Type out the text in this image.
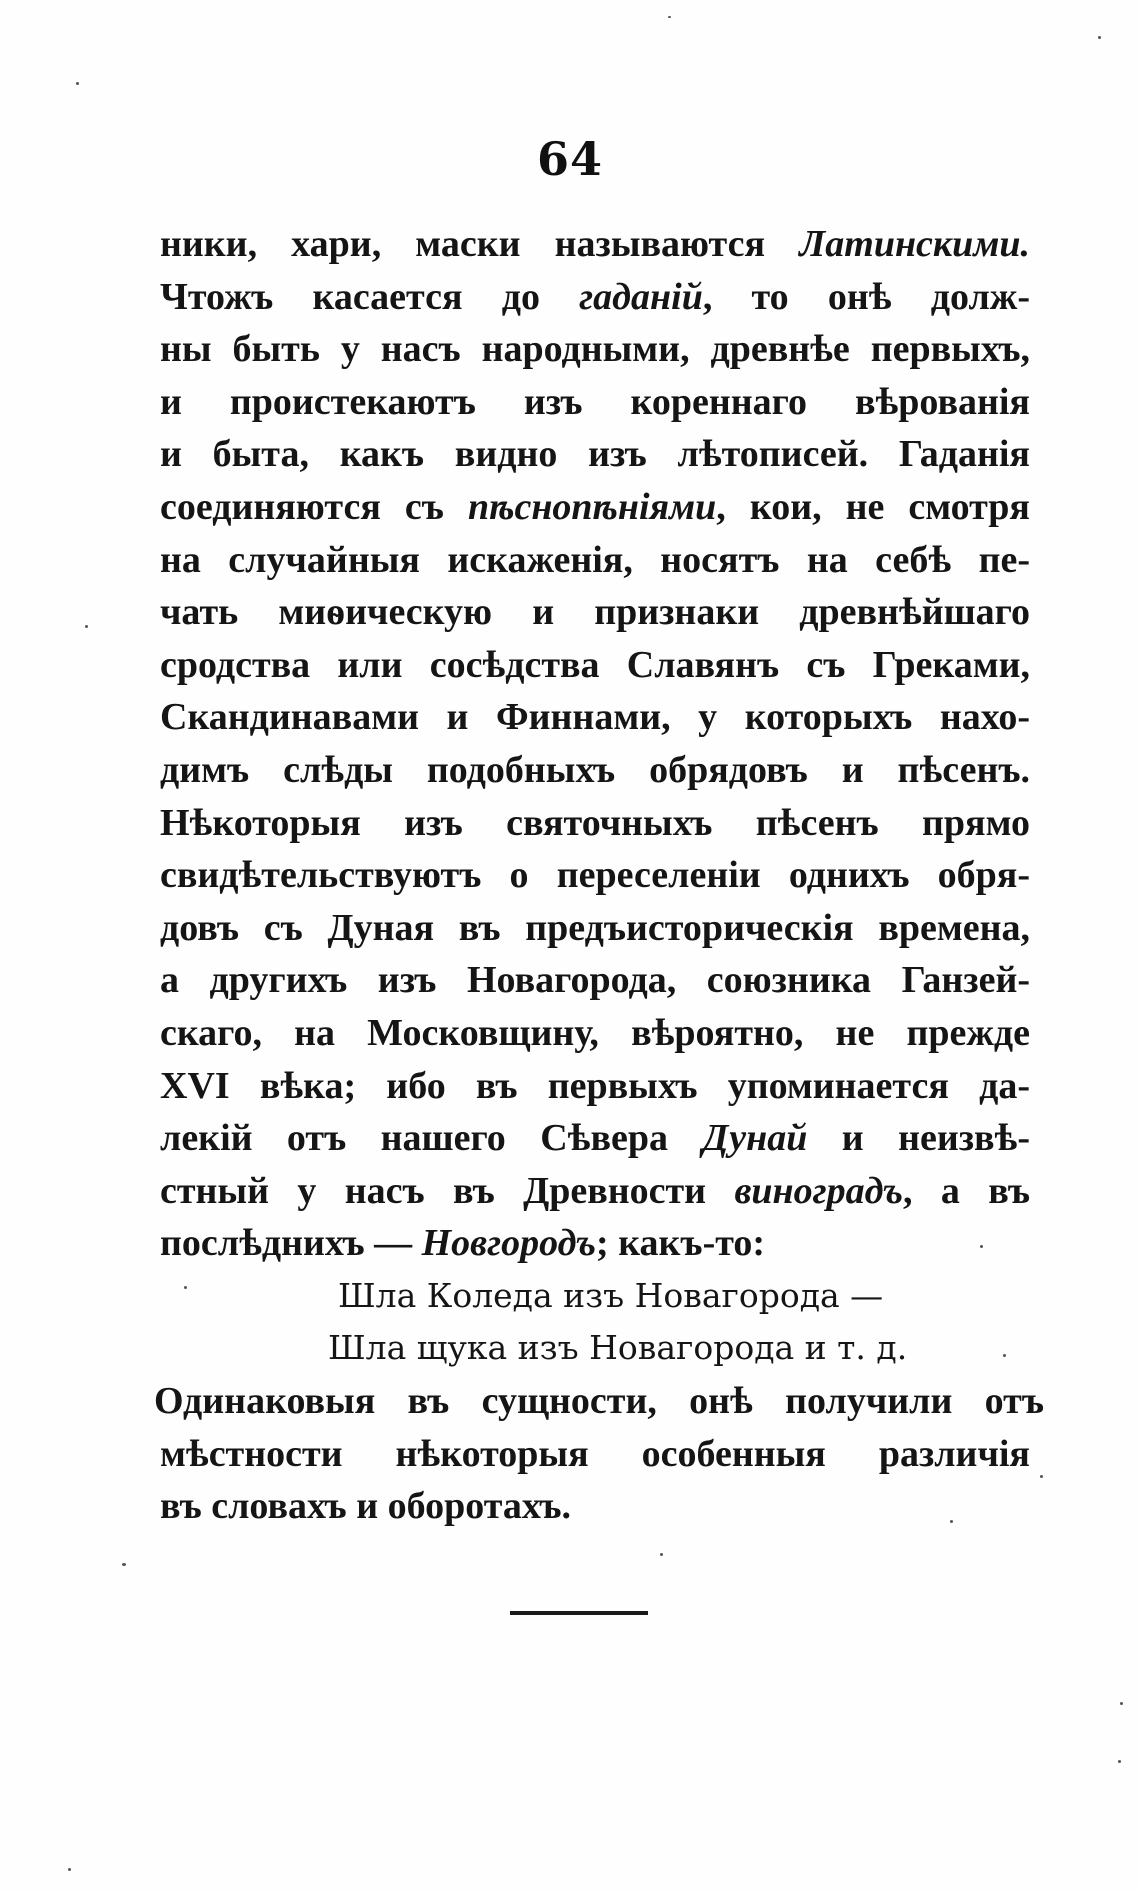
64
ники, хари, маски называются Латинскими.
Чтожъ касается до гаданій, то онѣ долж-
ны быть у насъ народными, древнѣе первыхъ,
и проистекаютъ изъ кореннаго вѣрованія
и быта, какъ видно изъ лѣтописей. Гаданія
соединяются съ пѣснопѣніями, кои, не смотря
на случайныя искаженія, носятъ на себѣ пе-
чать миѳическую и признаки древнѣйшаго
сродства или сосѣдства Славянъ съ Греками,
Скандинавами и Финнами, у которыхъ нахо-
димъ слѣды подобныхъ обрядовъ и пѣсенъ.
Нѣкоторыя изъ святочныхъ пѣсенъ прямо
свидѣтельствуютъ о переселеніи однихъ обря-
довъ съ Дуная въ предъисторическія времена,
а другихъ изъ Новагорода, союзника Ганзей-
скаго, на Московщину, вѣроятно, не прежде
XVI вѣка; ибо въ первыхъ упоминается да-
лекій отъ нашего Сѣвера Дунай и неизвѣ-
стный у насъ въ Древности виноградъ, а въ
послѣднихъ — Новгородъ; какъ-то:
Шла Коледа изъ Новагорода —
Шла щука изъ Новагорода и т. д.
Одинаковыя въ сущности, онѣ получили отъ
мѣстности нѣкоторыя особенныя различія
въ словахъ и оборотахъ.
